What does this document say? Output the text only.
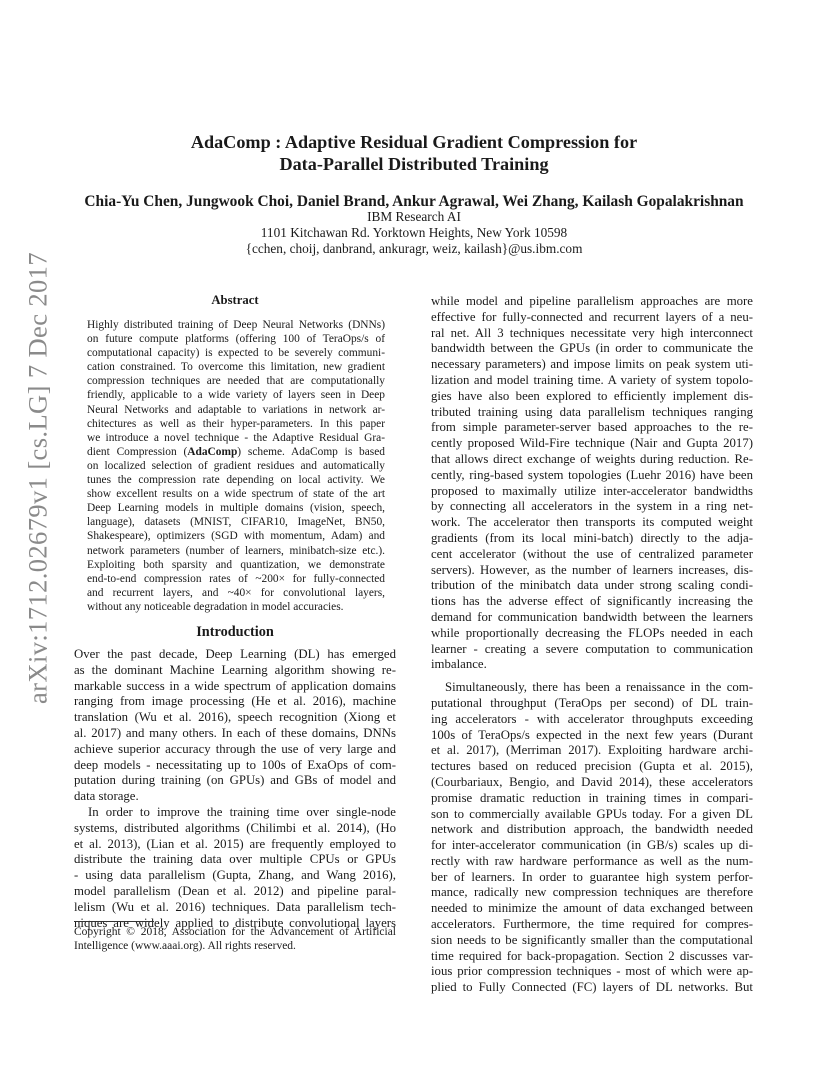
arXiv:1712.02679v1 [cs.LG] 7 Dec 2017
AdaComp : Adaptive Residual Gradient Compression for
Data-Parallel Distributed Training
Chia-Yu Chen, Jungwook Choi, Daniel Brand, Ankur Agrawal, Wei Zhang, Kailash Gopalakrishnan
IBM Research AI
1101 Kitchawan Rd. Yorktown Heights, New York 10598
{cchen, choij, danbrand, ankuragr, weiz, kailash}@us.ibm.com
Abstract
Highly distributed training of Deep Neural Networks (DNNs)
on future compute platforms (offering 100 of TeraOps/s of
computational capacity) is expected to be severely communi-
cation constrained. To overcome this limitation, new gradient
compression techniques are needed that are computationally
friendly, applicable to a wide variety of layers seen in Deep
Neural Networks and adaptable to variations in network ar-
chitectures as well as their hyper-parameters. In this paper
we introduce a novel technique - the Adaptive Residual Gra-
dient Compression (AdaComp) scheme. AdaComp is based
on localized selection of gradient residues and automatically
tunes the compression rate depending on local activity. We
show excellent results on a wide spectrum of state of the art
Deep Learning models in multiple domains (vision, speech,
language), datasets (MNIST, CIFAR10, ImageNet, BN50,
Shakespeare), optimizers (SGD with momentum, Adam) and
network parameters (number of learners, minibatch-size etc.).
Exploiting both sparsity and quantization, we demonstrate
end-to-end compression rates of ~200× for fully-connected
and recurrent layers, and ~40× for convolutional layers,
without any noticeable degradation in model accuracies.
Introduction
Over the past decade, Deep Learning (DL) has emerged
as the dominant Machine Learning algorithm showing re-
markable success in a wide spectrum of application domains
ranging from image processing (He et al. 2016), machine
translation (Wu et al. 2016), speech recognition (Xiong et
al. 2017) and many others. In each of these domains, DNNs
achieve superior accuracy through the use of very large and
deep models - necessitating up to 100s of ExaOps of com-
putation during training (on GPUs) and GBs of model and
data storage.
In order to improve the training time over single-node
systems, distributed algorithms (Chilimbi et al. 2014), (Ho
et al. 2013), (Lian et al. 2015) are frequently employed to
distribute the training data over multiple CPUs or GPUs
- using data parallelism (Gupta, Zhang, and Wang 2016),
model parallelism (Dean et al. 2012) and pipeline paral-
lelism (Wu et al. 2016) techniques. Data parallelism tech-
niques are widely applied to distribute convolutional layers
Copyright © 2018, Association for the Advancement of Artificial
Intelligence (www.aaai.org). All rights reserved.
while model and pipeline parallelism approaches are more
effective for fully-connected and recurrent layers of a neu-
ral net. All 3 techniques necessitate very high interconnect
bandwidth between the GPUs (in order to communicate the
necessary parameters) and impose limits on peak system uti-
lization and model training time. A variety of system topolo-
gies have also been explored to efficiently implement dis-
tributed training using data parallelism techniques ranging
from simple parameter-server based approaches to the re-
cently proposed Wild-Fire technique (Nair and Gupta 2017)
that allows direct exchange of weights during reduction. Re-
cently, ring-based system topologies (Luehr 2016) have been
proposed to maximally utilize inter-accelerator bandwidths
by connecting all accelerators in the system in a ring net-
work. The accelerator then transports its computed weight
gradients (from its local mini-batch) directly to the adja-
cent accelerator (without the use of centralized parameter
servers). However, as the number of learners increases, dis-
tribution of the minibatch data under strong scaling condi-
tions has the adverse effect of significantly increasing the
demand for communication bandwidth between the learners
while proportionally decreasing the FLOPs needed in each
learner - creating a severe computation to communication
imbalance.
Simultaneously, there has been a renaissance in the com-
putational throughput (TeraOps per second) of DL train-
ing accelerators - with accelerator throughputs exceeding
100s of TeraOps/s expected in the next few years (Durant
et al. 2017), (Merriman 2017). Exploiting hardware archi-
tectures based on reduced precision (Gupta et al. 2015),
(Courbariaux, Bengio, and David 2014), these accelerators
promise dramatic reduction in training times in compari-
son to commercially available GPUs today. For a given DL
network and distribution approach, the bandwidth needed
for inter-accelerator communication (in GB/s) scales up di-
rectly with raw hardware performance as well as the num-
ber of learners. In order to guarantee high system perfor-
mance, radically new compression techniques are therefore
needed to minimize the amount of data exchanged between
accelerators. Furthermore, the time required for compres-
sion needs to be significantly smaller than the computational
time required for back-propagation. Section 2 discusses var-
ious prior compression techniques - most of which were ap-
plied to Fully Connected (FC) layers of DL networks. But
